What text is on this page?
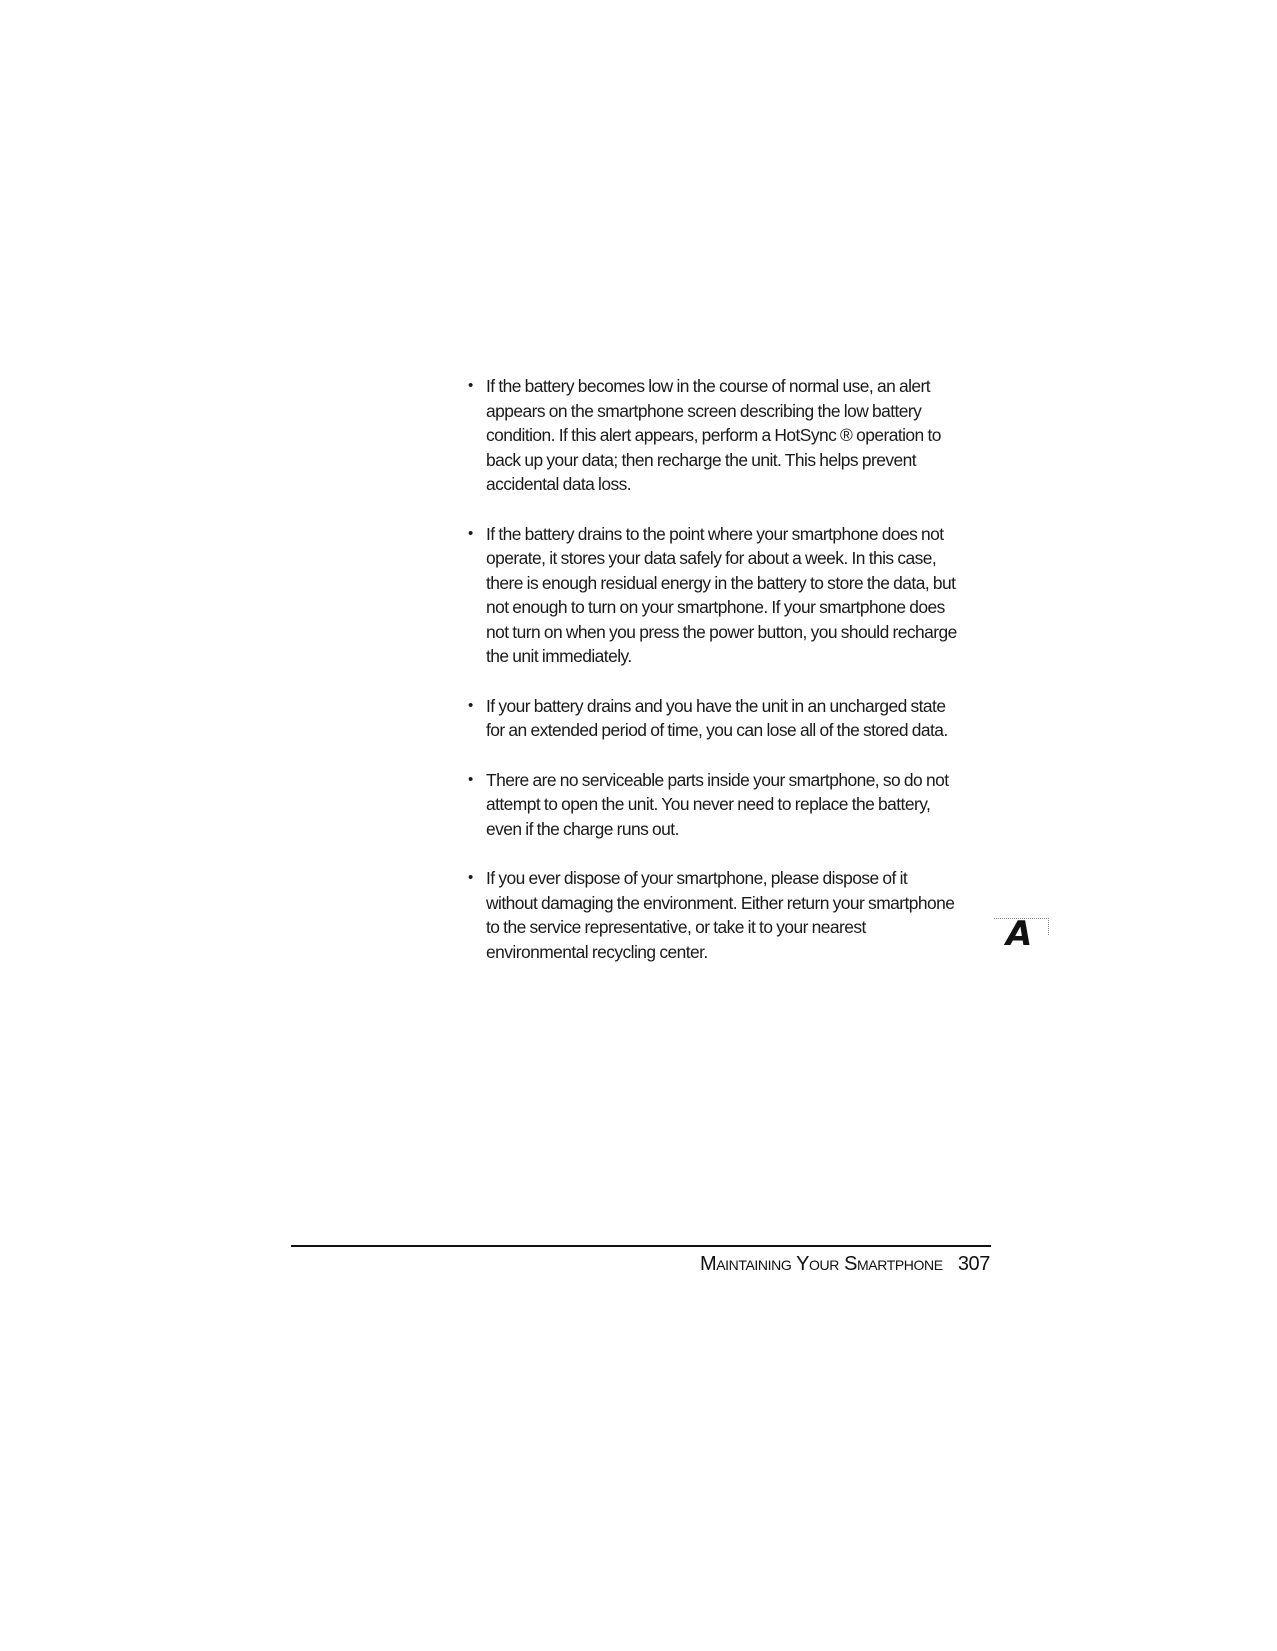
• If the battery becomes low in the course of normal use, an alert appears on the smartphone screen describing the low battery condition. If this alert appears, perform a HotSync ® operation to back up your data; then recharge the unit. This helps prevent accidental data loss.
• If the battery drains to the point where your smartphone does not operate, it stores your data safely for about a week. In this case, there is enough residual energy in the battery to store the data, but not enough to turn on your smartphone. If your smartphone does not turn on when you press the power button, you should recharge the unit immediately.
• If your battery drains and you have the unit in an uncharged state for an extended period of time, you can lose all of the stored data.
• There are no serviceable parts inside your smartphone, so do not attempt to open the unit. You never need to replace the battery, even if the charge runs out.
• If you ever dispose of your smartphone, please dispose of it without damaging the environment. Either return your smartphone to the service representative, or take it to your nearest environmental recycling center.	A
Maintaining Your Smartphone 307
